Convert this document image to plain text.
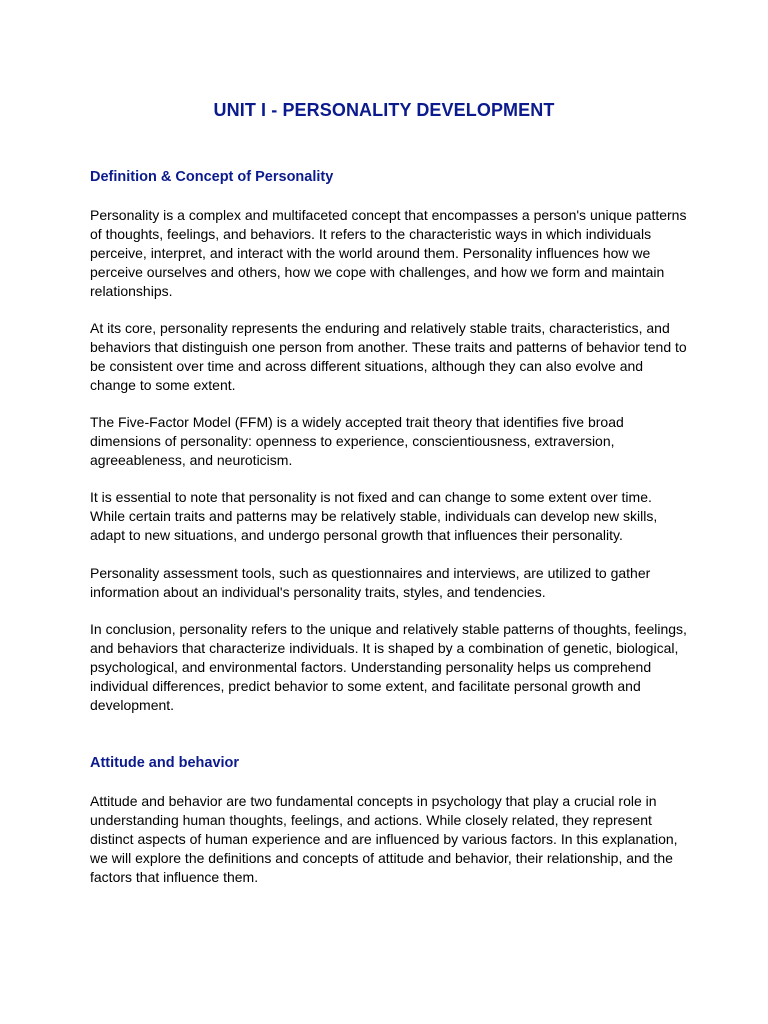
UNIT I - PERSONALITY DEVELOPMENT
Definition & Concept of Personality

Personality is a complex and multifaceted concept that encompasses a person's unique patterns of thoughts, feelings, and behaviors. It refers to the characteristic ways in which individuals perceive, interpret, and interact with the world around them. Personality influences how we perceive ourselves and others, how we cope with challenges, and how we form and maintain relationships.

At its core, personality represents the enduring and relatively stable traits, characteristics, and behaviors that distinguish one person from another. These traits and patterns of behavior tend to be consistent over time and across different situations, although they can also evolve and change to some extent.

The Five-Factor Model (FFM) is a widely accepted trait theory that identifies five broad dimensions of personality: openness to experience, conscientiousness, extraversion, agreeableness, and neuroticism.

It is essential to note that personality is not fixed and can change to some extent over time. While certain traits and patterns may be relatively stable, individuals can develop new skills, adapt to new situations, and undergo personal growth that influences their personality.

Personality assessment tools, such as questionnaires and interviews, are utilized to gather information about an individual's personality traits, styles, and tendencies.

In conclusion, personality refers to the unique and relatively stable patterns of thoughts, feelings, and behaviors that characterize individuals. It is shaped by a combination of genetic, biological, psychological, and environmental factors. Understanding personality helps us comprehend individual differences, predict behavior to some extent, and facilitate personal growth and development.

Attitude and behavior

Attitude and behavior are two fundamental concepts in psychology that play a crucial role in understanding human thoughts, feelings, and actions. While closely related, they represent distinct aspects of human experience and are influenced by various factors. In this explanation, we will explore the definitions and concepts of attitude and behavior, their relationship, and the factors that influence them.
